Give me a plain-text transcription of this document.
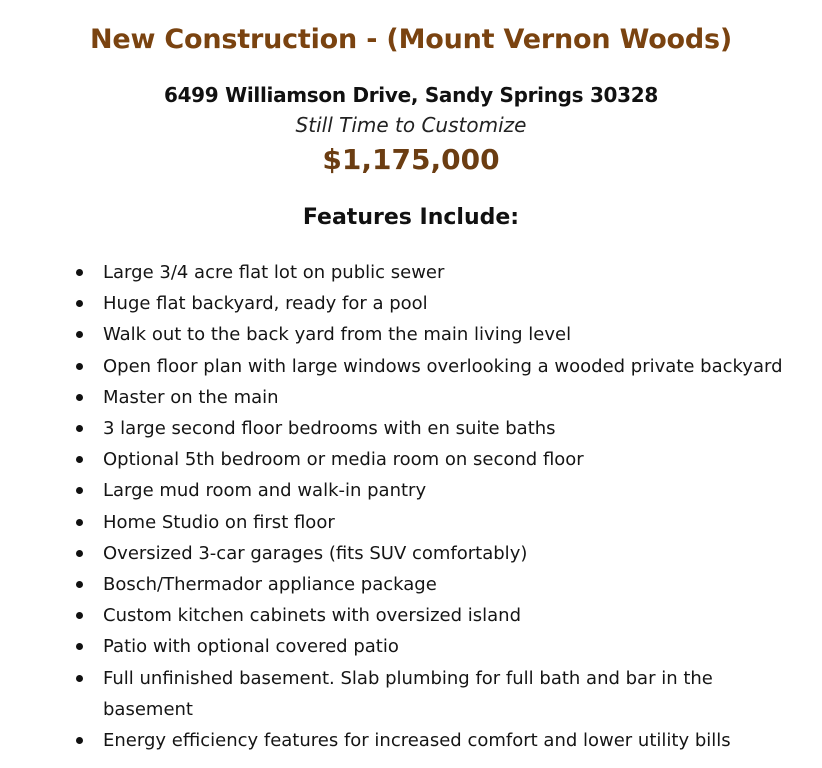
New Construction - (Mount Vernon Woods)
6499 Williamson Drive, Sandy Springs 30328
Still Time to Customize
$1,175,000
Features Include:
Large 3/4 acre flat lot on public sewer
Huge flat backyard, ready for a pool
Walk out to the back yard from the main living level
Open floor plan with large windows overlooking a wooded private backyard
Master on the main
3 large second floor bedrooms with en suite baths
Optional 5th bedroom or media room on second floor
Large mud room and walk-in pantry
Home Studio on first floor
Oversized 3-car garages (fits SUV comfortably)
Bosch/Thermador appliance package
Custom kitchen cabinets with oversized island
Patio with optional covered patio
Full unfinished basement. Slab plumbing for full bath and bar in the basement
Energy efficiency features for increased comfort and lower utility bills
